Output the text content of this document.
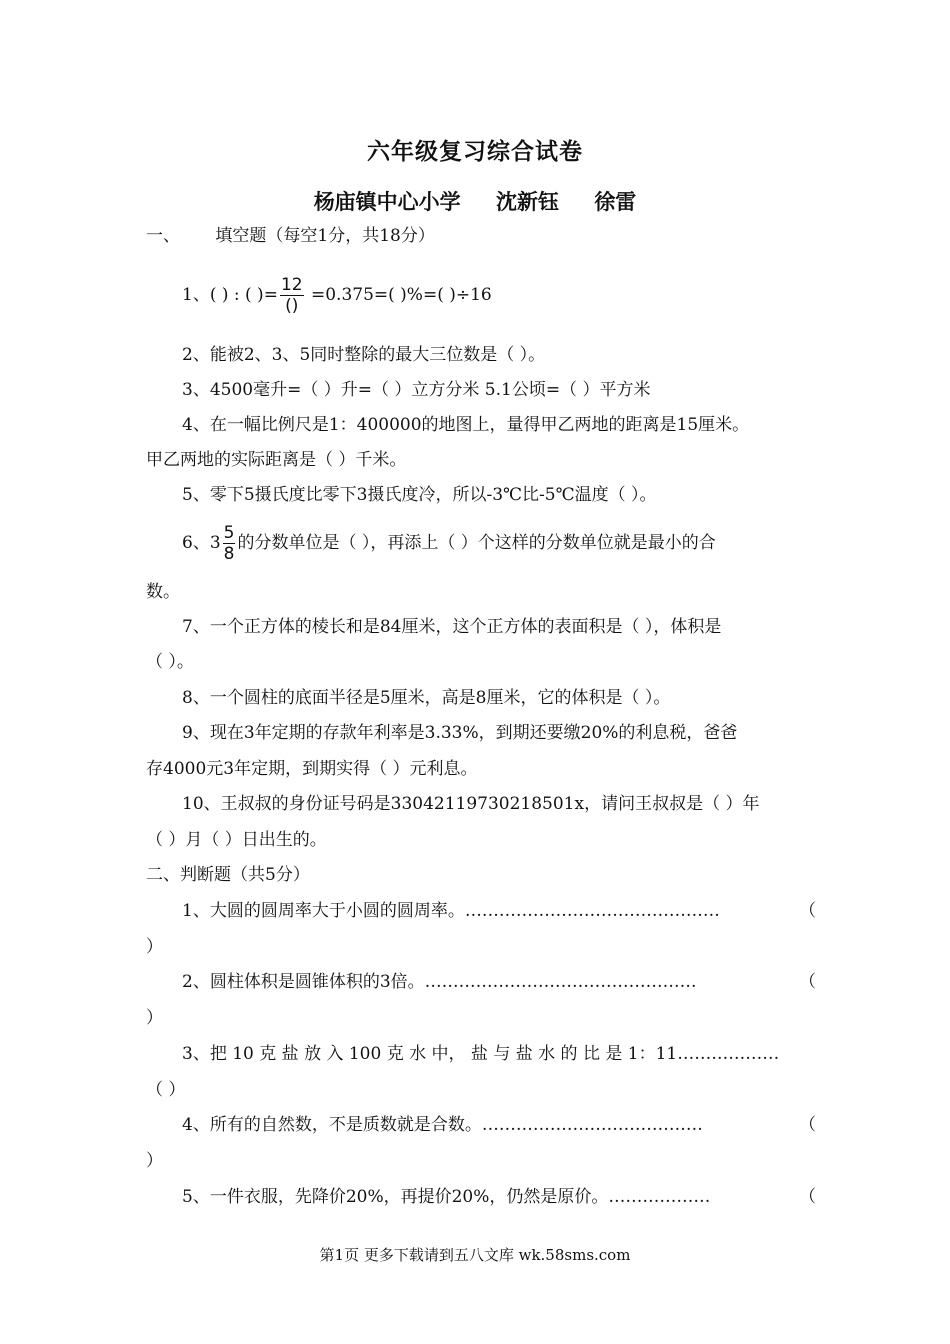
六年级复习综合试卷
杨庙镇中心小学 沈新钰 徐雷
一、 填空题（每空1分，共18分）
1、( ) : ( )= $\frac{12}{()} =0.375=$( )%=( )÷16
2、能被2、3、5同时整除的最大三位数是（ ）。
3、4500毫升=（ ）升=（ ）立方分米 5.1公顷=（ ）平方米
4、在一幅比例尺是1：400000的地图上，量得甲乙两地的距离是15厘米。
甲乙两地的实际距离是（ ）千米。
5、零下5摄氏度比零下3摄氏度冷，所以-3℃比-5℃温度（ ）。
6、$3 \frac{5}{8}$ 的分数单位是（ ），再添上（ ）个这样的分数单位就是最小的合
数。
7、一个正方体的棱长和是84厘米，这个正方体的表面积是（ ），体积是
（ ）。
8、一个圆柱的底面半径是5厘米，高是8厘米，它的体积是（ ）。
9、现在3年定期的存款年利率是3.33%，到期还要缴20%的利息税，爸爸
存4000元3年定期，到期实得（ ）元利息。
10、王叔叔的身份证号码是33042119730218501x，请问王叔叔是（ ）年
（ ）月（ ）日出生的。
二、判断题（共5分）
1、大圆的圆周率大于小圆的圆周率。………………………………………	（
）
2、圆柱体积是圆锥体积的3倍。…………………………………………	（
）
3、把 10 克 盐 放 入 100 克 水 中， 盐 与 盐 水 的 比 是 1：11………………
（ ）
4、所有的自然数，不是质数就是合数。…………………………………	（
）
5、一件衣服，先降价20%，再提价20%，仍然是原价。………………	（
第1页 更多下载请到五八文库 wk.58sms.com
